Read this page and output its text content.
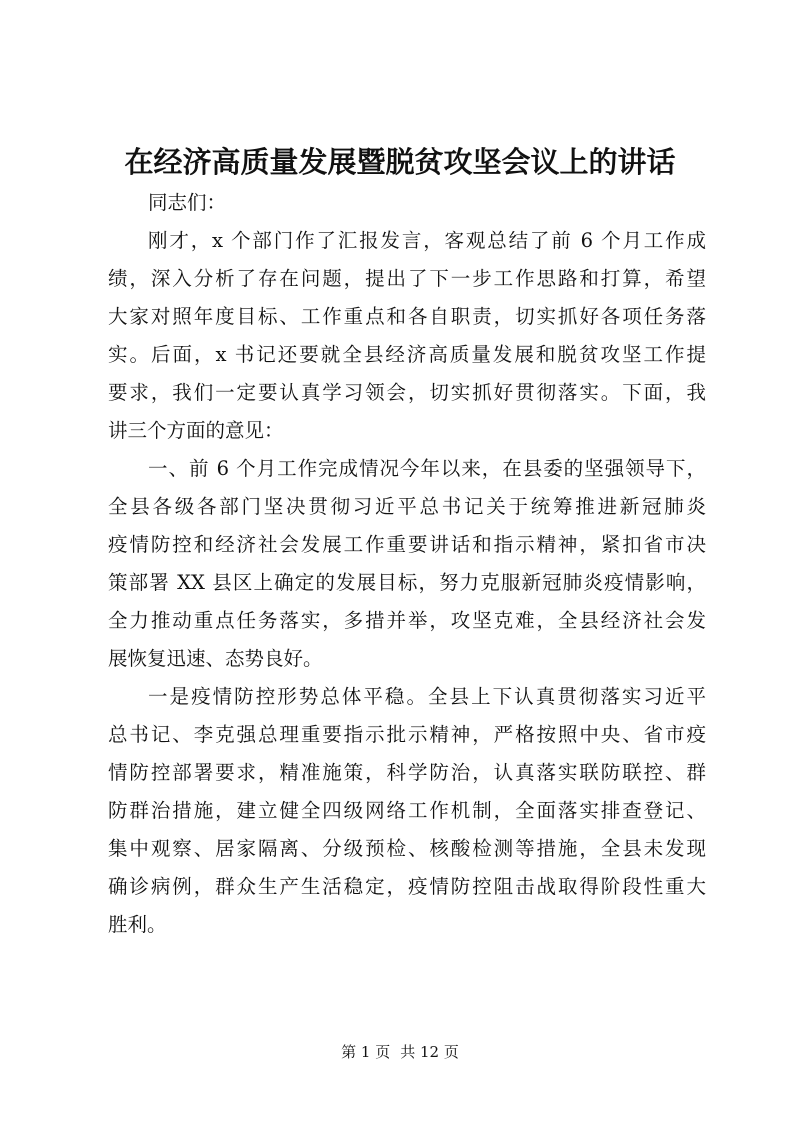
在经济高质量发展暨脱贫攻坚会议上的讲话
同志们：
刚才，x 个部门作了汇报发言，客观总结了前 6 个月工作成
绩，深入分析了存在问题，提出了下一步工作思路和打算，希望
大家对照年度目标、工作重点和各自职责，切实抓好各项任务落
实。后面，x 书记还要就全县经济高质量发展和脱贫攻坚工作提
要求，我们一定要认真学习领会，切实抓好贯彻落实。下面，我
讲三个方面的意见：
一、前 6 个月工作完成情况今年以来，在县委的坚强领导下，
全县各级各部门坚决贯彻习近平总书记关于统筹推进新冠肺炎
疫情防控和经济社会发展工作重要讲话和指示精神，紧扣省市决
策部署 XX 县区上确定的发展目标，努力克服新冠肺炎疫情影响，
全力推动重点任务落实，多措并举，攻坚克难，全县经济社会发
展恢复迅速、态势良好。
一是疫情防控形势总体平稳。全县上下认真贯彻落实习近平
总书记、李克强总理重要指示批示精神，严格按照中央、省市疫
情防控部署要求，精准施策，科学防治，认真落实联防联控、群
防群治措施，建立健全四级网络工作机制，全面落实排查登记、
集中观察、居家隔离、分级预检、核酸检测等措施，全县未发现
确诊病例，群众生产生活稳定，疫情防控阻击战取得阶段性重大
胜利。
第 1 页 共 12 页
